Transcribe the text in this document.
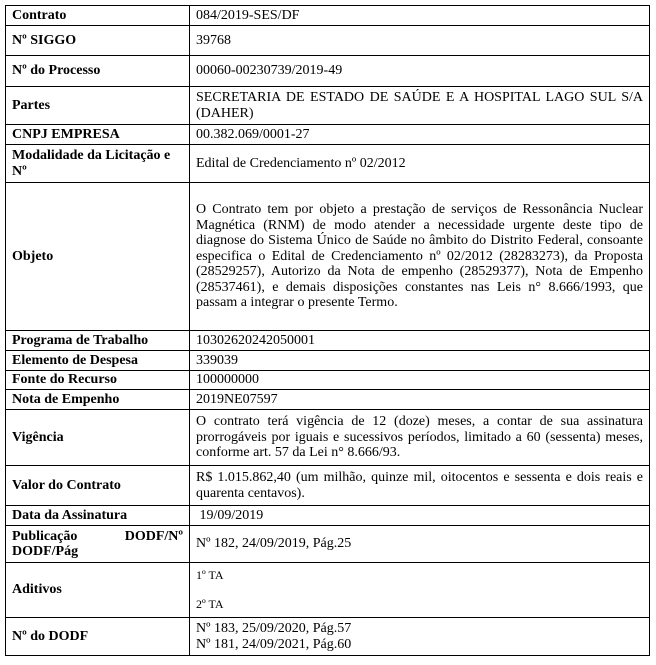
Contrato	084/2019-SES/DF
Nº SIGGO	39768
Nº do Processo	00060-00230739/2019-49
Partes	SECRETARIA DE ESTADO DE SAÚDE E A HOSPITAL LAGO SUL S/A (DAHER)
CNPJ EMPRESA	00.382.069/0001-27
Modalidade da Licitação e Nº	Edital de Credenciamento nº 02/2012
Objeto	O Contrato tem por objeto a prestação de serviços de Ressonância Nuclear Magnética (RNM) de modo atender a necessidade urgente deste tipo de diagnose do Sistema Único de Saúde no âmbito do Distrito Federal, consoante especifica o Edital de Credenciamento nº 02/2012 (28283273), da Proposta (28529257), Autorizo da Nota de empenho (28529377), Nota de Empenho (28537461), e demais disposições constantes nas Leis n° 8.666/1993, que passam a integrar o presente Termo.
Programa de Trabalho	10302620242050001
Elemento de Despesa	339039
Fonte do Recurso	100000000
Nota de Empenho	2019NE07597
Vigência	O contrato terá vigência de 12 (doze) meses, a contar de sua assinatura prorrogáveis por iguais e sucessivos períodos, limitado a 60 (sessenta) meses, conforme art. 57 da Lei n° 8.666/93.
Valor do Contrato	R$ 1.015.862,40 (um milhão, quinze mil, oitocentos e sessenta e dois reais e quarenta centavos).
Data da Assinatura	19/09/2019

Publicação DODF/Nº
DODF/Pág	Nº 182, 24/09/2019, Pág.25
Aditivos	1º TA
2º TA

Nº do DODF	Nº 183, 25/09/2020, Pág.57
Nº 181, 24/09/2021, Pág.60
